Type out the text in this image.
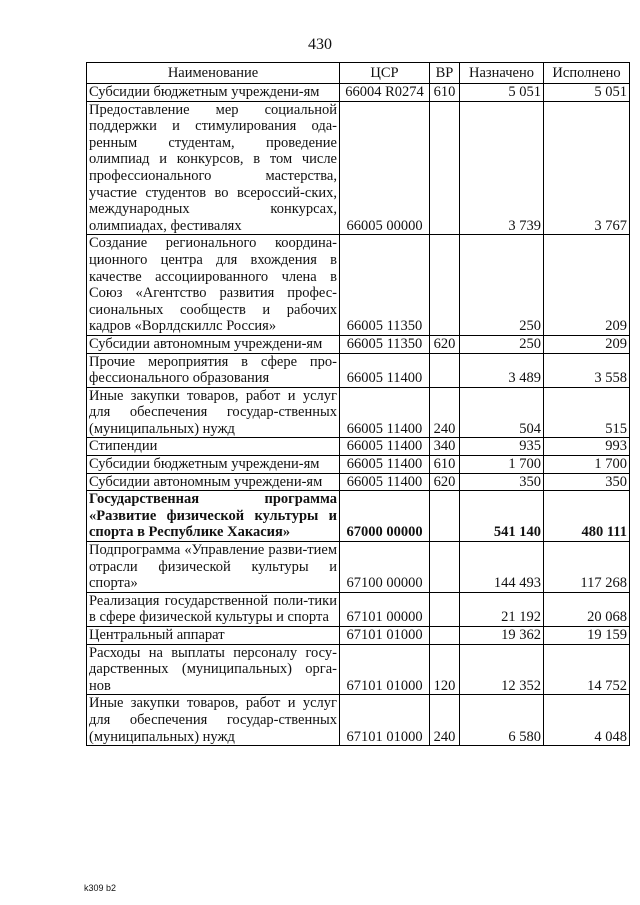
430
Наименование	ЦСР	ВР	Назначено	Исполнено
Субсидии бюджетным учреждени-ям	66004 R0274	610	5 051	5 051
Предоставление мер социальной поддержки и стимулирования ода-ренным студентам, проведение олимпиад и конкурсов, в том числе профессионального мастерства, участие студентов во всероссий-ских, международных конкурсах, олимпиадах, фестивалях	66005 00000		3 739	3 767
Создание регионального координа-ционного центра для вхождения в качестве ассоциированного члена в Союз «Агентство развития профес-сиональных сообществ и рабочих кадров «Ворлдскиллс Россия»	66005 11350		250	209
Субсидии автономным учреждени-ям	66005 11350	620	250	209
Прочие мероприятия в сфере про-фессионального образования	66005 11400		3 489	3 558
Иные закупки товаров, работ и услуг для обеспечения государ-ственных (муниципальных) нужд	66005 11400	240	504	515
Стипендии	66005 11400	340	935	993
Субсидии бюджетным учреждени-ям	66005 11400	610	1 700	1 700
Субсидии автономным учреждени-ям	66005 11400	620	350	350
Государственная программа «Развитие физической культуры и спорта в Республике Хакасия»	67000 00000		541 140	480 111
Подпрограмма «Управление разви-тием отрасли физической культуры и спорта»	67100 00000		144 493	117 268
Реализация государственной поли-тики в сфере физической культуры и спорта	67101 00000		21 192	20 068
Центральный аппарат	67101 01000		19 362	19 159
Расходы на выплаты персоналу госу-дарственных (муниципальных) орга-нов	67101 01000	120	12 352	14 752
Иные закупки товаров, работ и услуг для обеспечения государ-ственных (муниципальных) нужд	67101 01000	240	6 580	4 048
k309 b2
